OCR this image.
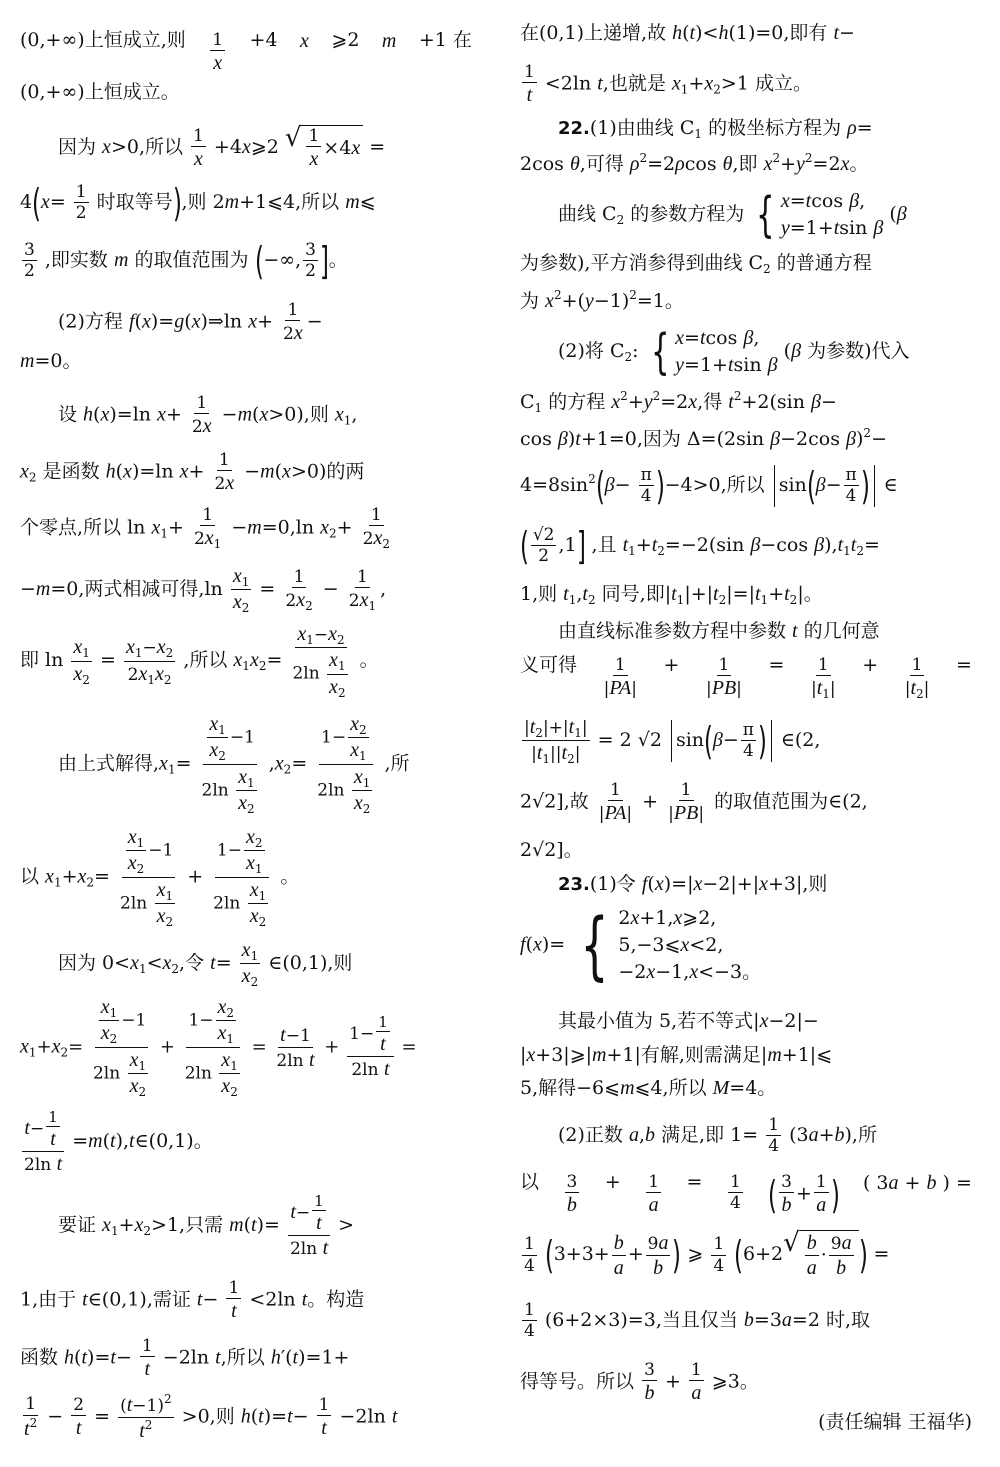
(0,+∞)上恒成立,则 $\frac{1}{x} +4$ x ⩾2 m +1 在
(0,+∞)上恒成立。
因为 x>0,所以 $\frac{1}{x}$ +4x⩾2 √ $\frac{1}{x} \times 4$ x =
$4(x= \frac{1}{2}$ 时取等号),则 2m+1⩽4,所以 m⩽
$\frac{3}{2}$ ,即实数 m 的取值范围为 (−∞, $\frac{3}{2}$ ]。
(2)方程 f(x)=g(x)⇒ln $x+ \frac{1}{2x}$ −
m=0。
设 h(x)=ln $x+ \frac{1}{2x} -m(x>0)$,则 $x_1$,
$x_2$ 是函数 h(x)=ln $x+ \frac{1}{2x} -m(x>0)$的两
个零点,所以 $\ln x_1+ \frac{1}{2x_1} -m=0,\ln$ $x_2+ \frac{1}{2x_2}$
−m=0,两式相减可得$,\ln \frac{x_1}{x_2} = \frac{1}{2x_2} - \frac{1}{2x_1}$ ,
即 $\ln \frac{x_1}{x_2} = \frac{x_1-x_2}{2x_1x_2}$ ,所以 $x_1x_2= \frac{x_1-x_2}{2\ln \frac{x_1}{x_2}}$ 。
由上式解得$,x_1= \frac{\frac{x_1}{x_2} -1}{2\ln \frac{x_1}{x_2}} ,x_2= \frac{1- \frac{x_2}{x_1}}{2\ln \frac{x_1}{x_2}}$ ,所
以 $x_1+x_2= \frac{\frac{x_1}{x_2} -1}{2\ln \frac{x_1}{x_2}} + \frac{1- \frac{x_2}{x_1}}{2\ln \frac{x_1}{x_2}}$ 。
因为 $0<x_1<x_2$,令 $t= \frac{x_1}{x_2}$ ∈(0,1),则
$x_1+x_2= \frac{\frac{x_1}{x_2} -1}{2\ln \frac{x_1}{x_2}} + \frac{1- \frac{x_2}{x_1}}{2\ln \frac{x_1}{x_2}} = \frac{t-1}{\text{2ln t}} + \frac{1- \frac{1}{t}}{\text{2ln t}}$ =
$\frac{t- \frac{1}{t}}{\text{2ln t}}$ =m(t),t∈(0,1)。
要证 $x_1+x_2>1$,只需 $m(t)= \frac{t- \frac{1}{t}}{\text{2ln t}}$ >
1,由于 t∈(0,1),需证 $t- \frac{1}{t} <2\ln$ t。构造
函数 $h(t)=t- \frac{1}{t} -2\ln$ t,所以 h′(t)=1+
$\frac{1}{t^2} - \frac{2}{t} = \frac{(t-1)^2}{t^2} >0$,则 $h(t)=t- \frac{1}{t} -2\ln$ t
在(0,1)上递增,故 h(t)<h(1)=0,即有 t−
$\frac{1}{t} <2\ln$ t,也就是 $x_1+x_2>1$ 成立。
22.(1)由曲线 $C_1$ 的极坐标方程为 ρ=
2cos θ,可得 $\rho^2=2\rho\cos$ θ,即 $x^2+y^2=2x$。
曲线 $C_2$ 的参数方程为 { x=tcos β,
y=1+tsin β
(β
为参数),平方消参得到曲线 $C_2$ 的普通方程
为 $x^2+(y-1)^2=1$。
(2)将 $C_2$: { x=tcos β,
y=1+tsin β
(β 为参数)代入
$C_1$ 的方程 $x^2+y^2=2x$,得 $t^2+2(\sin$ β−
cos β)t+1=0,因为 Δ=(2sin β−2cos β)$^2$−
$4=8\sin^2(\beta- \frac{\pi}{4} )-4>0$,所以 sin ( $\beta - \frac{\pi}{4}$ ) ∈
( $\frac{√2}{2} ,1$] ,且 $t_1+t_2=-2(\sin$ β−cos $\beta),t_1t_2=$
1,则 $t_1,t_2$ 同号,即$|t_1|+|t_2|=|t_1+t_2|$。
由直线标准参数方程中参数 t 的几何意
义可得 $\frac{1}{|PA|} + \frac{1}{|PB|} = \frac{1}{|t_1|} + \frac{1}{|t_2|}$ =
$\frac{|t_2|+|t_1|}{|t_1||t_2|} = 2$ √2 sin ( $\beta - \frac{\pi}{4}$ ) ∈(2,
2√2],故 $\frac{1}{|PA|} + \frac{1}{|PB|}$ 的取值范围为∈(2,
2√2]。
23.(1)令 f(x)=|x−2|+|x+3|,则
f(x)= { 2x+1,x⩾2,
5,−3⩽x<2,
−2x−1,x<−3。
其最小值为 5,若不等式|x−2|−
|x+3|⩾|m+1|有解,则需满足|m+1|⩽
5,解得−6⩽m⩽4,所以 M=4。
(2)正数 a,b 满足,即 $1= \frac{1}{4} (3a+b)$,所
以 $\frac{3}{b} + \frac{1}{a} = \frac{1}{4}$ ( $\frac{3}{b} + \frac{1}{a}$ ) ( 3a + b ) =
$\frac{1}{4} (3+3+ \frac{b}{a} + \frac{9a}{b}$ ) ⩾ $\frac{1}{4} (6+2$ √ $\frac{b}{a} \cdot \frac{9a}{b}$ ) =
$\frac{1}{4} (6+2\times 3)=3$,当且仅当 b=3a=2 时,取
得等号。所以 $\frac{3}{b} + \frac{1}{a}$ ⩾3。
(责任编辑 王福华)
